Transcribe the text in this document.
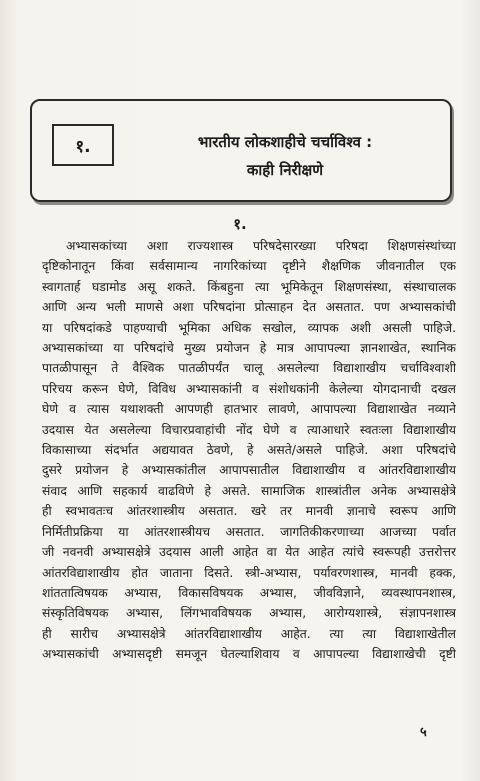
१.	भारतीय लोकशाहीचे चर्चाविश्व :
काही निरीक्षणे
१.
अभ्यासकांच्या अशा राज्यशास्त्र परिषदेसारख्या परिषदा शिक्षणसंस्थांच्या
दृष्टिकोनातून किंवा सर्वसामान्य नागरिकांच्या दृष्टीने शैक्षणिक जीवनातील एक
स्वागतार्ह घडामोड असू शकते. किंबहुना त्या भूमिकेतून शिक्षणसंस्था, संस्थाचालक
आणि अन्य भली माणसे अशा परिषदांना प्रोत्साहन देत असतात. पण अभ्यासकांची
या परिषदांकडे पाहण्याची भूमिका अधिक सखोल, व्यापक अशी असली पाहिजे.
अभ्यासकांच्या या परिषदांचे मुख्य प्रयोजन हे मात्र आपापल्या ज्ञानशाखेत, स्थानिक
पातळीपासून ते वैश्विक पातळीपर्यंत चालू असलेल्या विद्याशाखीय चर्चाविश्वाशी
परिचय करून घेणे, विविध अभ्यासकांनी व संशोधकांनी केलेल्या योगदानाची दखल
घेणे व त्यास यथाशक्ती आपणही हातभार लावणे, आपापल्या विद्याशाखेत नव्याने
उदयास येत असलेल्या विचारप्रवाहांची नोंद घेणे व त्याआधारे स्वतःला विद्याशाखीय
विकासाच्या संदर्भात अद्ययावत ठेवणे, हे असते/असले पाहिजे. अशा परिषदांचे
दुसरे प्रयोजन हे अभ्यासकांतील आपापसातील विद्याशाखीय व आंतरविद्याशाखीय
संवाद आणि सहकार्य वाढविणे हे असते. सामाजिक शास्त्रांतील अनेक अभ्यासक्षेत्रे
ही स्वभावतःच आंतरशास्त्रीय असतात. खरे तर मानवी ज्ञानाचे स्वरूप आणि
निर्मितीप्रक्रिया या आंतरशास्त्रीयच असतात. जागतिकीकरणाच्या आजच्या पर्वात
जी नवनवी अभ्यासक्षेत्रे उदयास आली आहेत वा येत आहेत त्यांचे स्वरूपही उत्तरोत्तर
आंतरविद्याशाखीय होत जाताना दिसते. स्त्री-अभ्यास, पर्यावरणशास्त्र, मानवी हक्क,
शांततात्विषयक अभ्यास, विकासविषयक अभ्यास, जीवविज्ञाने, व्यवस्थापनशास्त्र,
संस्कृतिविषयक अभ्यास, लिंगभावविषयक अभ्यास, आरोग्यशास्त्रे, संज्ञापनशास्त्र
ही सारीच अभ्यासक्षेत्रे आंतरविद्याशाखीय आहेत. त्या त्या विद्याशाखेतील
अभ्यासकांची अभ्यासदृष्टी समजून घेतल्याशिवाय व आपापल्या विद्याशाखेची दृष्टी
५
